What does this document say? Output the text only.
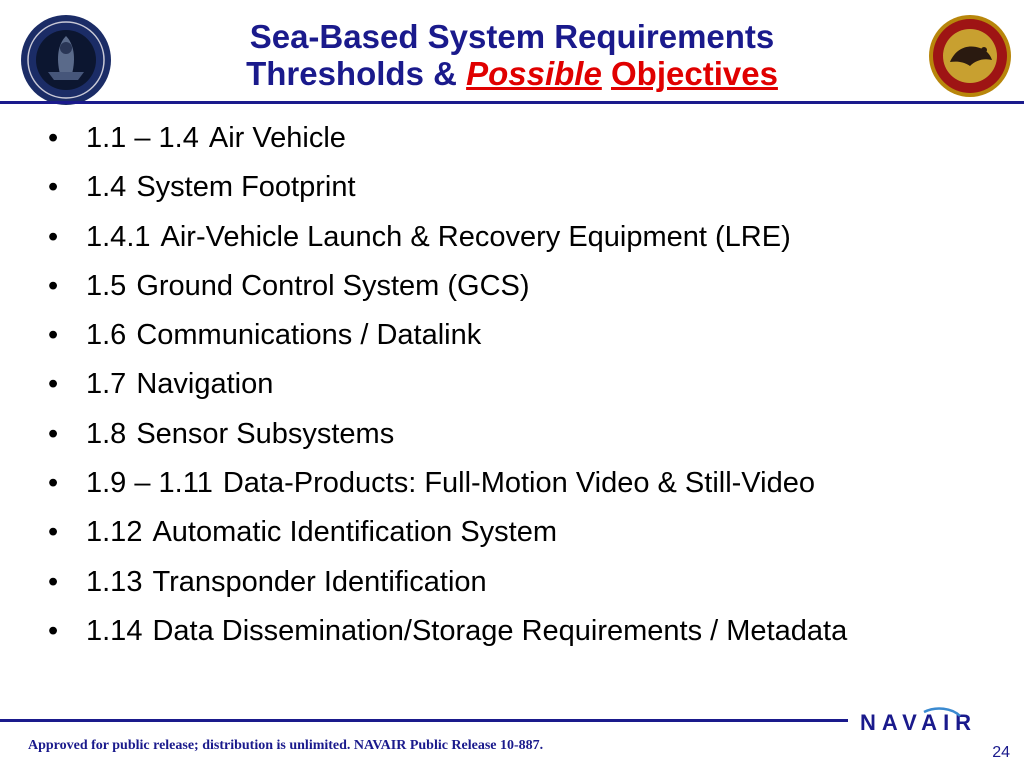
Sea-Based System Requirements
Thresholds & Possible Objectives
• 1.1 – 1.4 Air Vehicle
• 1.4 System Footprint
• 1.4.1 Air-Vehicle Launch & Recovery Equipment (LRE)
• 1.5 Ground Control System (GCS)
• 1.6 Communications / Datalink
• 1.7 Navigation
• 1.8 Sensor Subsystems
• 1.9 – 1.11 Data-Products: Full-Motion Video & Still-Video
• 1.12 Automatic Identification System
• 1.13 Transponder Identification
• 1.14 Data Dissemination/Storage Requirements / Metadata
NAVAIR
Approved for public release; distribution is unlimited. NAVAIR Public Release 10-887.	24
